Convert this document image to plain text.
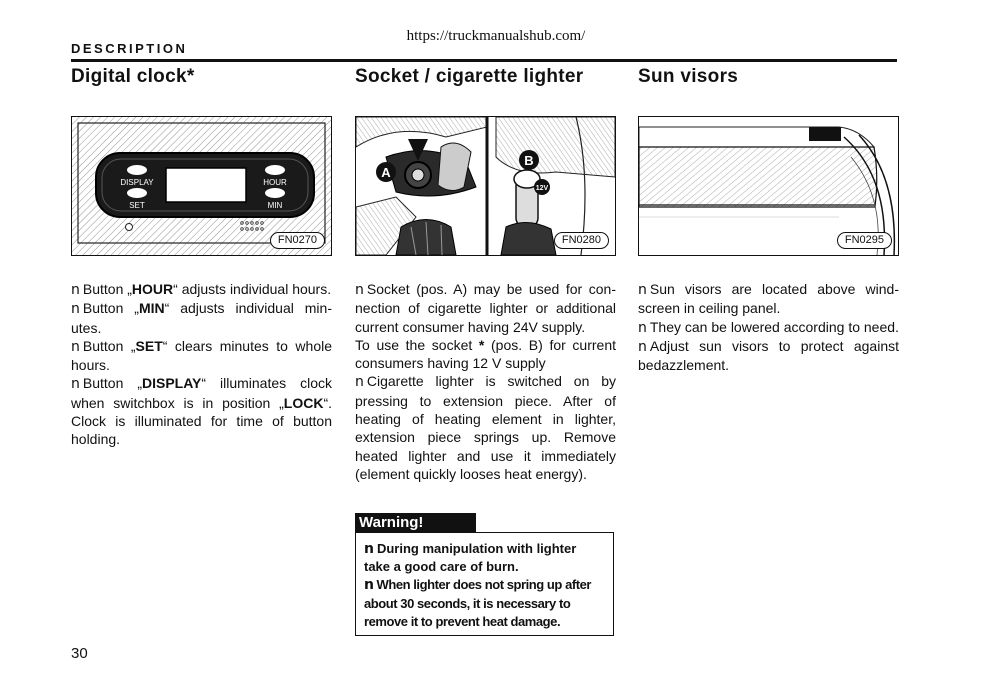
https://truckmanualshub.com/
DESCRIPTION
Digital clock*
DISPLAY
SET
HOUR
MIN
FN0270

n Button „HOUR“ adjusts individual hours.

n Button „MIN“ adjusts individual min-utes.

n Button „SET“ clears minutes to whole hours.

n Button „DISPLAY“ illuminates clock when switchbox is in position „LOCK“. Clock is illuminated for time of button holding.

Socket / cigarette lighter
A
B
12V
FN0280

n Socket (pos. A) may be used for con-nection of cigarette lighter or additional current consumer having 24V supply.

To use the socket * (pos. B) for current consumers having 12 V supply

n Cigarette lighter is switched on by pressing to extension piece. After of heating of heating element in lighter, extension piece springs up. Remove heated lighter and use it immediately (element quickly looses heat energy).

Sun visors
FN0295

n Sun visors are located above wind-screen in ceiling panel.

n They can be lowered according to need.

n Adjust sun visors to protect against bedazzlement.

Warning!

n During manipulation with lighter take a good care of burn.

n When lighter does not spring up after about 30 seconds, it is necessary to remove it to prevent heat damage.

30
